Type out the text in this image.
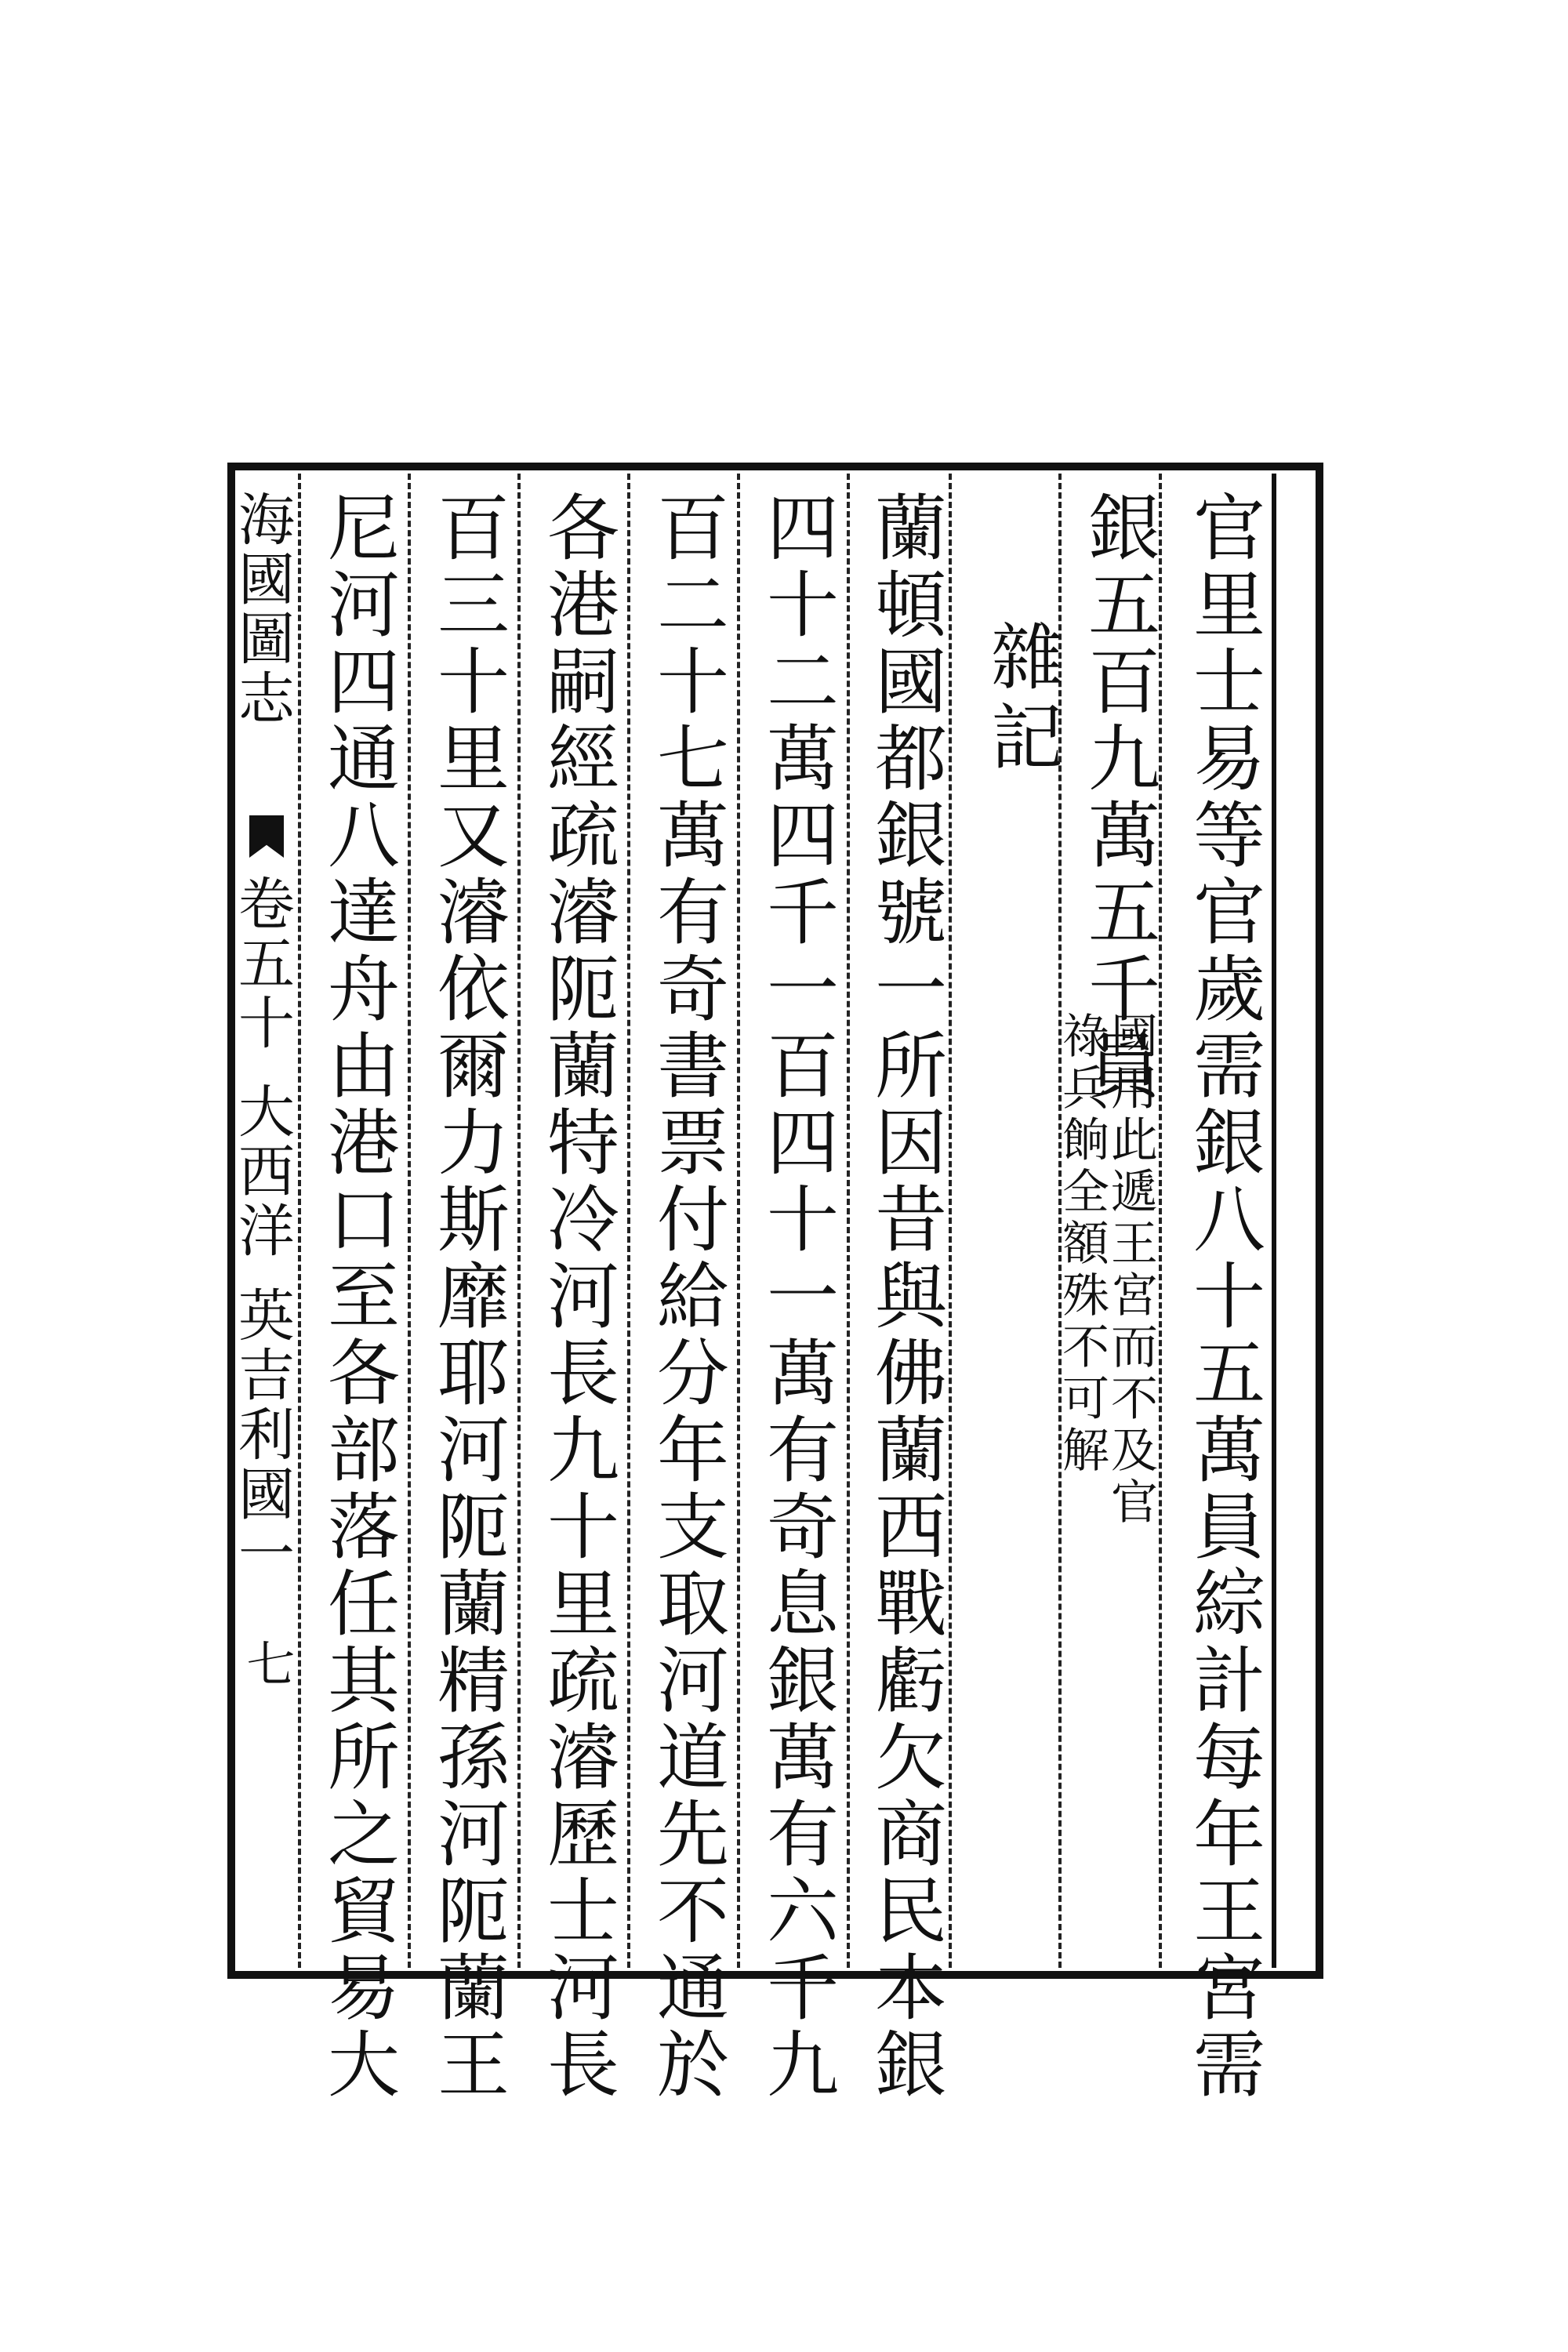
官里士易等官歲需銀八十五萬員綜計每年王宮需
銀五百九萬五千員
國用此遞王宮而不及官
祿兵餉全額殊不可解
雜記
蘭頓國都銀號一所因昔與佛蘭西戰虧欠商民本銀
四十二萬四千一百四十一萬有奇息銀萬有六千九
百二十七萬有奇書票付給分年支取河道先不通於
各港嗣經疏濬阨蘭特冷河長九十里疏濬歷士河長
百三十里又濬依爾力斯靡耶河阨蘭精孫河阨蘭王
尼河四通八達舟由港口至各部落任其所之貿易大
海國圖志
卷五十
大西洋
英吉利國一
七
